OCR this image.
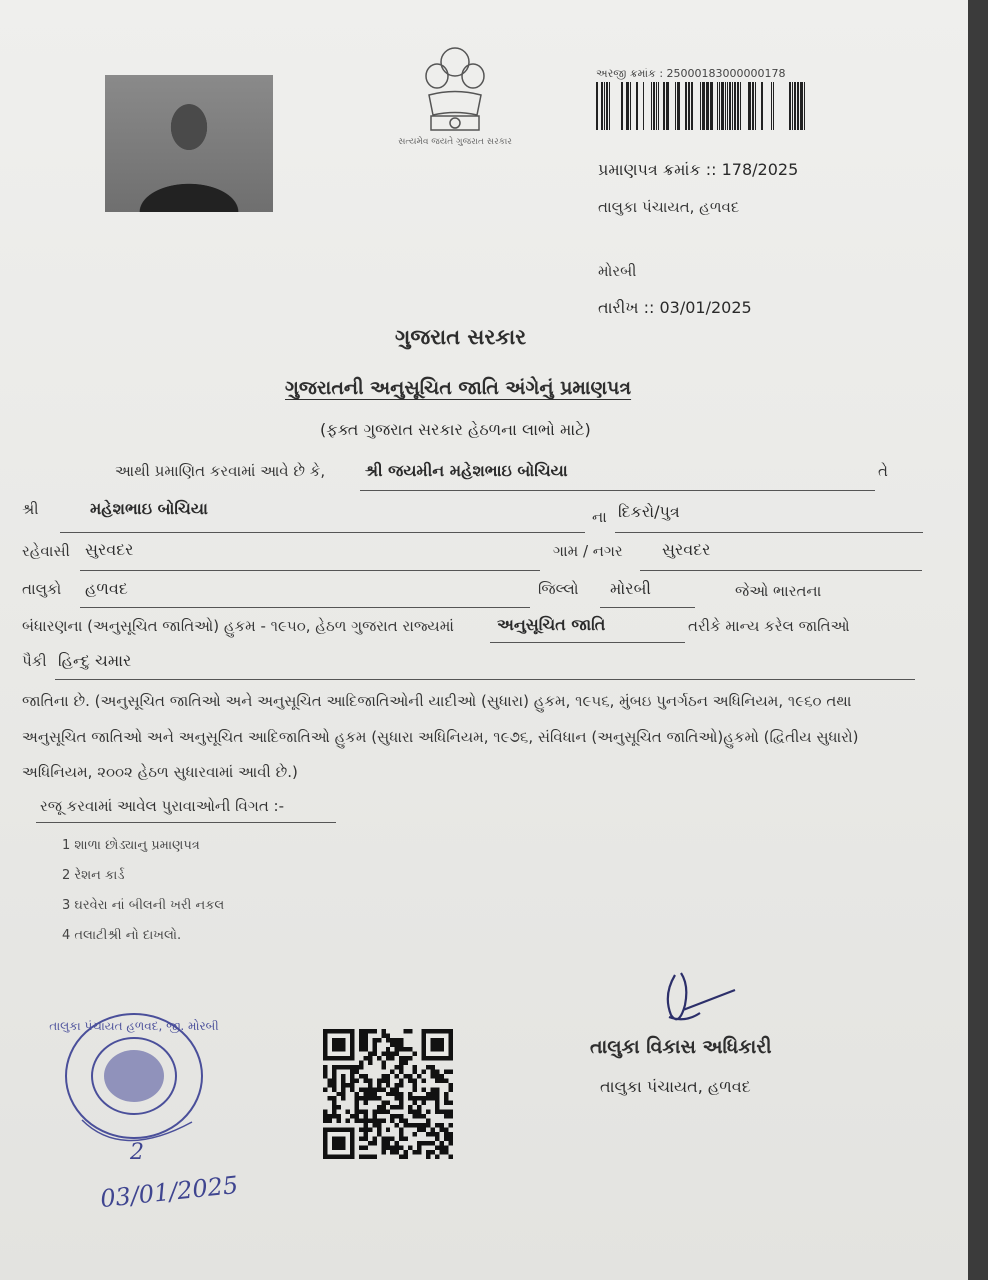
સત્યમેવ જયતે ગુજરાત સરકાર
અરજી ક્રમાંક : 25000183000000178
પ્રમાણપત્ર ક્રમાંક :: 178/2025
તાલુકા પંચાયત, હળવદ
મોરબી
તારીખ :: 03/01/2025
ગુજરાત સરકાર
ગુજરાતની અનુસૂચિત જાતિ અંગેનું પ્રમાણપત્ર
(ફક્ત ગુજરાત સરકાર હેઠળના લાભો માટે)
આથી પ્રમાણિત કરવામાં આવે છે કે, શ્રી જયમીન મહેશભાઇ બોચિયા	તે
શ્રી	મહેશભાઇ બોચિયા	ના દિકરો/પુત્ર
રહેવાસી સુરવદર	ગામ / નગર સુરવદર
તાલુકો હળવદ	જિલ્લો મોરબી	જેઓ ભારતના
બંધારણના (અનુસૂચિત જાતિઓ) હુકમ - ૧૯૫૦, હેઠળ ગુજરાત રાજ્યમાં	અનુસૂચિત જાતિ	તરીકે માન્ય કરેલ જાતિઓ
પૈકી હિન્દુ ચમાર
જાતિના છે. (અનુસૂચિત જાતિઓ અને અનુસૂચિત આદિજાતિઓની યાદીઓ (સુધારા) હુકમ, ૧૯૫૬, મુંબઇ પુનર્ગઠન અધિનિયમ, ૧૯૬૦ તથા
અનુસૂચિત જાતિઓ અને અનુસૂચિત આદિજાતિઓ હુકમ (સુધારા અધિનિયમ, ૧૯૭૬, સંવિધાન (અનુસૂચિત જાતિઓ)હુકમો (દ્વિતીય સુધારો)
અધિનિયમ, ૨૦૦૨ હેઠળ સુધારવામાં આવી છે.)
રજૂ કરવામાં આવેલ પુરાવાઓની વિગત :-
1 શાળા છોડ્યાનુ પ્રમાણપત્ર
2 રેશન કાર્ડ
3 ઘરવેરા નાં બીલની ખરી નકલ
4 તલાટીશ્રી નો દાખલો.
તાલુકા પંચાયત હળવદ, જી. મોરબી
2
03/01/2025
તાલુકા વિકાસ અધિકારી
તાલુકા પંચાયત, હળવદ
